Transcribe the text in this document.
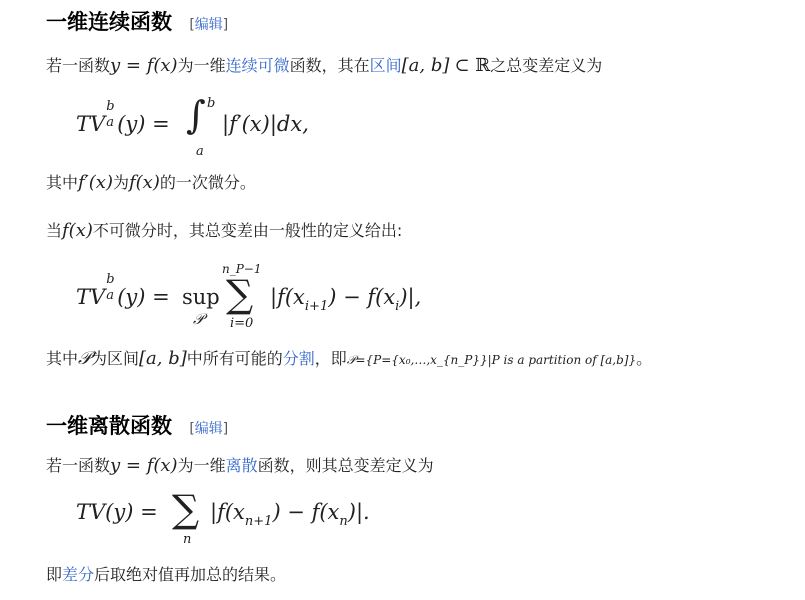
一维连续函数 [编辑]
若一函数y = f(x)为一维连续可微函数，其在区间[a, b] ⊂ ℝ之总变差定义为
TV
b
a (y) = ∫ b
a
|f′(x)|dx,
其中f′(x)为f(x)的一次微分。
当f(x)不可微分时，其总变差由一般性的定义给出:
TV
b
a (y) = sup
𝒫
n_P−1
∑
i=0
$|f(x_{i+1}) - f(x_i)|$,
其中𝒫为区间[a, b]中所有可能的分割，即𝒫={P={x₀,…,x_{n_P}}|P is a partition of [a,b]}。
一维离散函数 [编辑]
若一函数y = f(x)为一维离散函数，则其总变差定义为
TV(y) = ∑
n
$|f(x_{n+1}) - f(x_n)|$.
即差分后取绝对值再加总的结果。
